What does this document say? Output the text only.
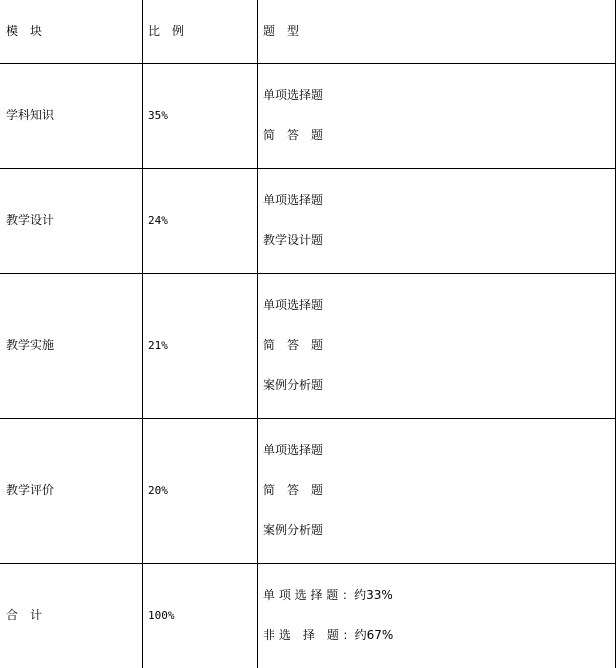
模　块	比　例	题　型
学科知识	35%
单项选择题
简　答　题
教学设计	24%
单项选择题
教学设计题
教学实施	21%
单项选择题
简　答　题
案例分析题
教学评价	20%
单项选择题
简　答　题
案例分析题
合　计	100%
单 项 选 择 题 ：约33%
非 选　择　题 ：约67%
